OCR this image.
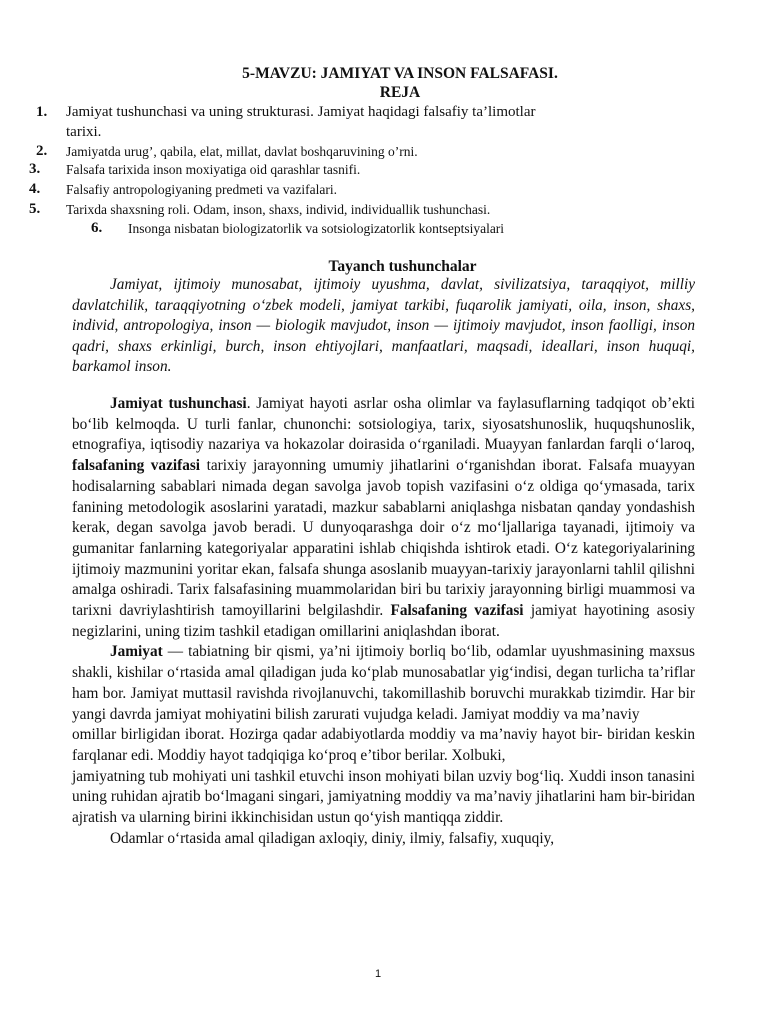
5-MAVZU: JAMIYAT VA INSON FALSAFASI.
REJA
1. Jamiyat tushunchasi va uning strukturasi. Jamiyat haqidagi falsafiy ta’limotlar
tarixi.
2. Jamiyatda urug’, qabila, elat, millat, davlat boshqaruvining o’rni.
3. Falsafa tarixida inson moxiyatiga oid qarashlar tasnifi.
4. Falsafiy antropologiyaning predmeti va vazifalari.
5. Tarixda shaxsning roli. Odam, inson, shaxs, individ, individuallik tushunchasi.
6. Insonga nisbatan biologizatorlik va sotsiologizatorlik kontseptsiyalari
Tayanch tushunchalar

Jamiyat, ijtimoiy munosabat, ijtimoiy uyushma, davlat, sivilizatsiya, taraqqiyot, milliy davlatchilik, taraqqiyotning o‘zbek modeli, jamiyat tarkibi, fuqarolik jamiyati, oila, inson, shaxs, individ, antropologiya, inson — biologik mavjudot, inson — ijtimoiy mavjudot, inson faolligi, inson qadri, shaxs erkinligi, burch, inson ehtiyojlari, manfaatlari, maqsadi, ideallari, inson huquqi, barkamol inson.

Jamiyat tushunchasi. Jamiyat hayoti asrlar osha olimlar va faylasuflarning tadqiqot ob’ekti bo‘lib kelmoqda. U turli fanlar, chunonchi: sotsiologiya, tarix, siyosatshunoslik, huquqshunoslik, etnografiya, iqtisodiy nazariya va hokazolar doirasida o‘rganiladi. Muayyan fanlardan farqli o‘laroq, falsafaning vazifasi tarixiy jarayonning umumiy jihatlarini o‘rganishdan iborat. Falsafa muayyan hodisalarning sabablari nimada degan savolga javob topish vazifasini o‘z oldiga qo‘ymasada, tarix fanining metodologik asoslarini yaratadi, mazkur sabablarni aniqlashga nisbatan qanday yondashish kerak, degan savolga javob beradi. U dunyoqarashga doir o‘z mo‘ljallariga tayanadi, ijtimoiy va gumanitar fanlarning kategoriyalar apparatini ishlab chiqishda ishtirok etadi. O‘z kategoriyalarining ijtimoiy mazmunini yoritar ekan, falsafa shunga asoslanib muayyan-tarixiy jarayonlarni tahlil qilishni amalga oshiradi. Tarix falsafasining muammolaridan biri bu tarixiy jarayonning birligi muammosi va tarixni davriylashtirish tamoyillarini belgilashdir. Falsafaning vazifasi jamiyat hayotining asosiy negizlarini, uning tizim tashkil etadigan omillarini aniqlashdan iborat.

Jamiyat — tabiatning bir qismi, ya’ni ijtimoiy borliq bo‘lib, odamlar uyushmasining maxsus shakli, kishilar o‘rtasida amal qiladigan juda ko‘plab munosabatlar yig‘indisi, degan turlicha ta’riflar ham bor. Jamiyat muttasil ravishda rivojlanuvchi, takomillashib boruvchi murakkab tizimdir. Har bir yangi davrda jamiyat mohiyatini bilish zarurati vujudga keladi. Jamiyat moddiy va ma’naviy

omillar birligidan iborat. Hozirga qadar adabiyotlarda moddiy va ma’naviy hayot bir- biridan keskin farqlanar edi. Moddiy hayot tadqiqiga ko‘proq e’tibor berilar. Xolbuki,

jamiyatning tub mohiyati uni tashkil etuvchi inson mohiyati bilan uzviy bog‘liq. Xuddi inson tanasini uning ruhidan ajratib bo‘lmagani singari, jamiyatning moddiy va ma’naviy jihatlarini ham bir-biridan ajratish va ularning birini ikkinchisidan ustun qo‘yish mantiqqa ziddir.

Odamlar o‘rtasida amal qiladigan axloqiy, diniy, ilmiy, falsafiy, xuquqiy,

1
